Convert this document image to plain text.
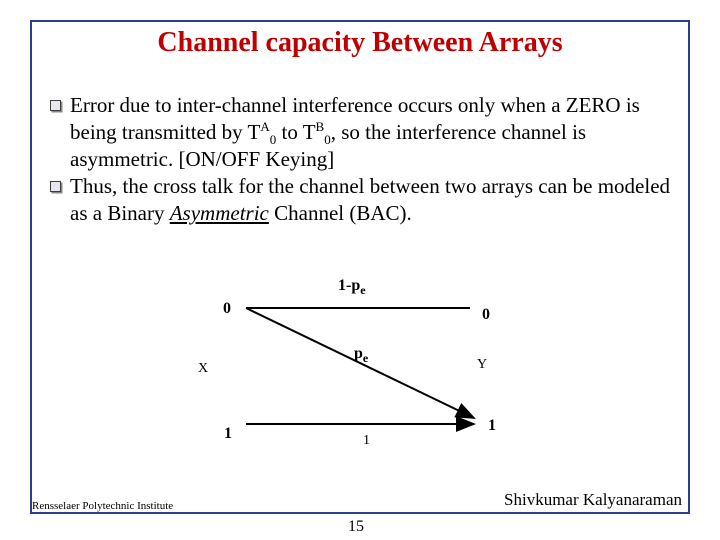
Channel capacity Between Arrays
Error due to inter-channel interference occurs only when a ZERO is being transmitted by $T^A_0$ to $T^B_0$, so the interference channel is asymmetric. [ON/OFF Keying]
Thus, the cross talk for the channel between two arrays can be modeled as a Binary Asymmetric Channel (BAC).
$1-p_e$
$p_e$
0	0
1	1
1
X	Y
Rensselaer Polytechnic Institute	Shivkumar Kalyanaraman
15
